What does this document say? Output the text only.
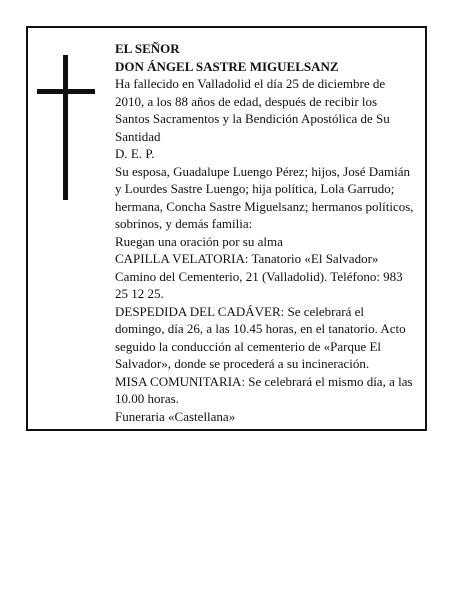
EL SEÑOR
DON ÁNGEL SASTRE MIGUELSANZ
Ha fallecido en Valladolid el día 25 de diciembre de 2010, a los 88 años de edad, después de recibir los Santos Sacramentos y la Bendición Apostólica de Su Santidad
D. E. P.
Su esposa, Guadalupe Luengo Pérez; hijos, José Damián y Lourdes Sastre Luengo; hija política, Lola Garrudo; hermana, Concha Sastre Miguelsanz; hermanos políticos, sobrinos, y demás familia:
Ruegan una oración por su alma
CAPILLA VELATORIA: Tanatorio «El Salvador» Camino del Cementerio, 21 (Valladolid). Teléfono: 983 25 12 25.
DESPEDIDA DEL CADÁVER: Se celebrará el domingo, día 26, a las 10.45 horas, en el tanatorio. Acto seguido la conducción al cementerio de «Parque El Salvador», donde se procederá a su incineración.
MISA COMUNITARIA: Se celebrará el mismo día, a las 10.00 horas.
Funeraria «Castellana»
